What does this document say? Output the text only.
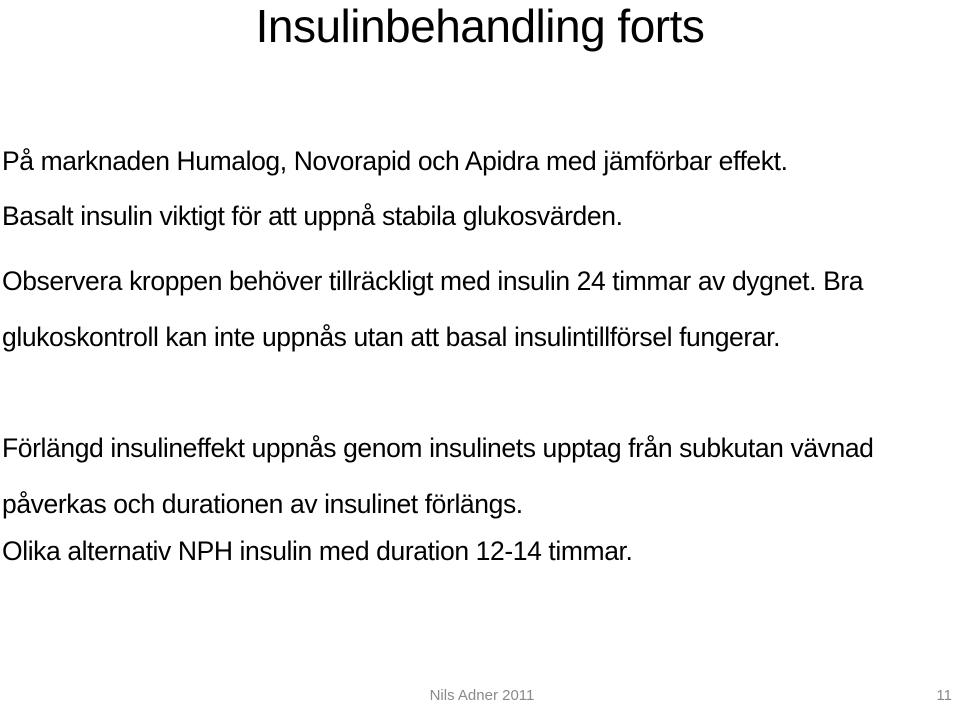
Insulinbehandling forts

På marknaden Humalog, Novorapid och Apidra med jämförbar effekt.

Basalt insulin viktigt för att uppnå stabila glukosvärden.

Observera kroppen behöver tillräckligt med insulin 24 timmar av dygnet. Bra glukoskontroll kan inte uppnås utan att basal insulintillförsel fungerar.

Förlängd insulineffekt uppnås genom insulinets upptag från subkutan vävnad påverkas och durationen av insulinet förlängs.

Olika alternativ NPH insulin med duration 12-14 timmar.

Nils Adner 2011	11
